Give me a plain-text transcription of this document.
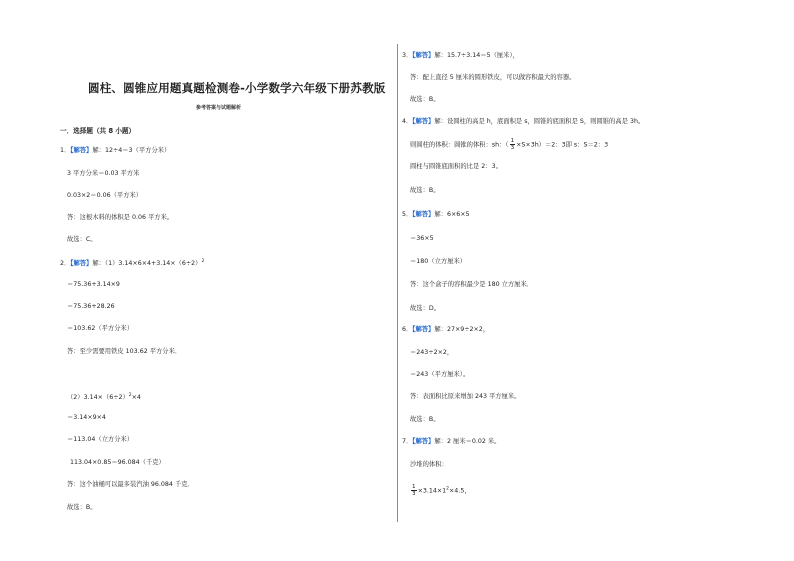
圆柱、圆锥应用题真题检测卷-小学数学六年级下册苏教版
参考答案与试题解析
一．选择题（共 8 小题）
1．【解答】解：12÷4＝3（平方分米）
3 平方分米＝0.03 平方米
0.03×2＝0.06（平方米）
答：这根木料的体积是 0.06 平方米。
故选：C。
2．【解答】解：$(1)3.14\times 6\times 4+3.14\times(6\div 2)^2$
＝75.36+3.14×9
＝75.36+28.26
＝103.62（平方分米）
答：至少需要用铁皮 103.62 平方分米．
$(2)3.14\times(6\div 2)^2\times 4$
＝3.14×9×4
＝113.04（立方分米）
113.04×0.85＝96.084（千克）
答：这个油桶可以最多装汽油 96.084 千克．
故选：B。
3．【解答】解：15.7÷3.14＝5（厘米），
答：配上直径 5 厘米的圆形铁皮，可以做容积最大的容器。
故选：B。
4．【解答】解：设圆柱的高是 h，底面积是 s，圆锥的底面积是 S，则圆锥的高是 3h。
则圆柱的体积：圆锥的体积：sh：（ $\frac{1}{3} \times S\times 3h)=2$：3即 s：S＝2：3
圆柱与圆锥底面积的比是 2：3。
故选：B。
5．【解答】解：6×6×5
＝36×5
＝180（立方厘米）
答：这个盒子的容积最少是 180 立方厘米．
故选：D。
6．【解答】解：27×9÷2×2，
＝243÷2×2，
＝243（平方厘米）。
答：表面积比原来增加 243 平方厘米。
故选：B。
7．【解答】解：2 厘米＝0.02 米。
沙堆的体积：
$\frac{1}{3} \times 3.14\times 1^2\times 4.5$，
